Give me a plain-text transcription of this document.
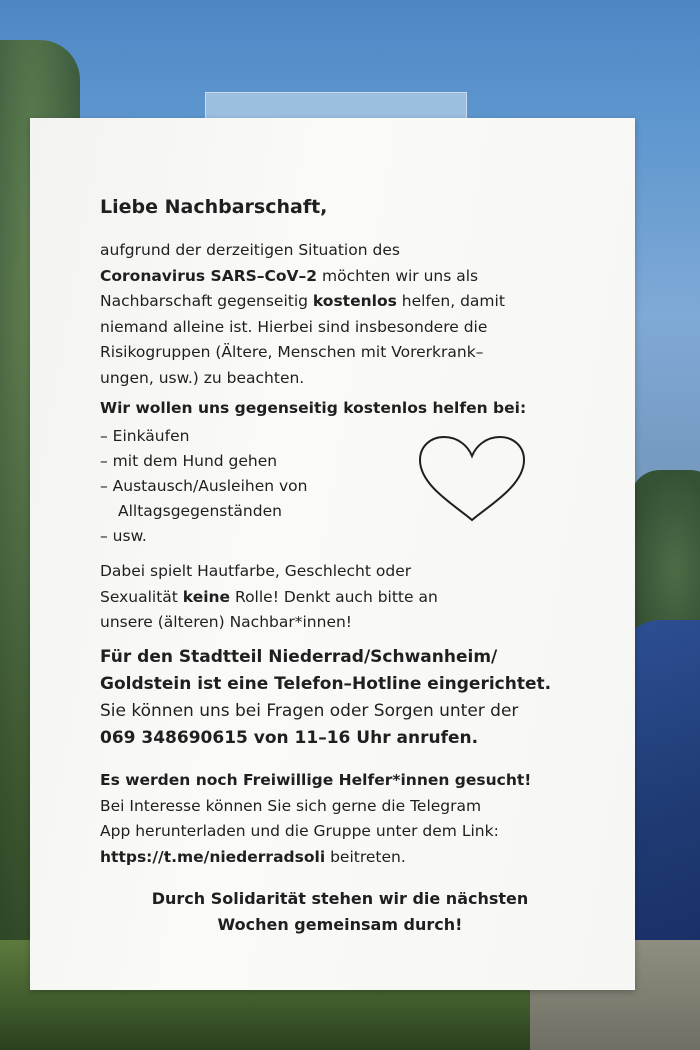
Liebe Nachbarschaft,
aufgrund der derzeitigen Situation des
Coronavirus SARS–CoV–2 möchten wir uns als
Nachbarschaft gegenseitig kostenlos helfen, damit
niemand alleine ist. Hierbei sind insbesondere die
Risikogruppen (Ältere, Menschen mit Vorerkrank–
ungen, usw.) zu beachten.
Wir wollen uns gegenseitig kostenlos helfen bei:
– Einkäufen
– mit dem Hund gehen
– Austausch/Ausleihen von
Alltagsgegenständen
– usw.
Dabei spielt Hautfarbe, Geschlecht oder
Sexualität keine Rolle! Denkt auch bitte an
unsere (älteren) Nachbar*innen!
Für den Stadtteil Niederrad/Schwanheim/
Goldstein ist eine Telefon–Hotline eingerichtet.
Sie können uns bei Fragen oder Sorgen unter der
069 348690615 von 11–16 Uhr anrufen.
Es werden noch Freiwillige Helfer*innen gesucht!
Bei Interesse können Sie sich gerne die Telegram
App herunterladen und die Gruppe unter dem Link:
https://t.me/niederradsoli beitreten.
Durch Solidarität stehen wir die nächsten
Wochen gemeinsam durch!
